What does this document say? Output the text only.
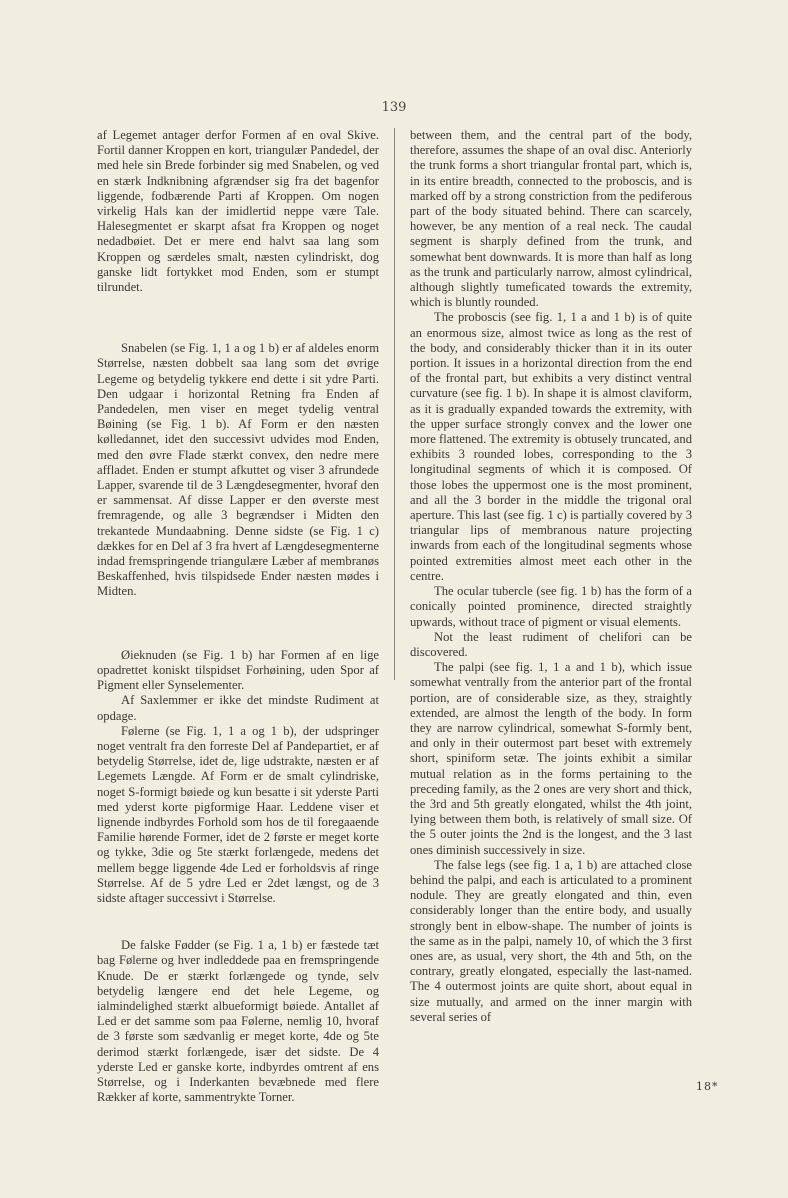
139

af Legemet antager derfor Formen af en oval Skive. Fortil danner Kroppen en kort, triangulær Pandedel, der med hele sin Brede forbinder sig med Snabelen, og ved en stærk Indknibning afgrændser sig fra det bagenfor liggende, fodbærende Parti af Kroppen. Om nogen virkelig Hals kan der imidlertid neppe være Tale. Halesegmentet er skarpt afsat fra Kroppen og noget nedadbøiet. Det er mere end halvt saa lang som Kroppen og særdeles smalt, næsten cylindriskt, dog ganske lidt fortykket mod Enden, som er stumpt tilrundet.

Snabelen (se Fig. 1, 1 a og 1 b) er af aldeles enorm Størrelse, næsten dobbelt saa lang som det øvrige Legeme og betydelig tykkere end dette i sit ydre Parti. Den udgaar i horizontal Retning fra Enden af Pandedelen, men viser en meget tydelig ventral Bøining (se Fig. 1 b). Af Form er den næsten kølledannet, idet den successivt udvides mod Enden, med den øvre Flade stærkt convex, den nedre mere affladet. Enden er stumpt afkuttet og viser 3 afrundede Lapper, svarende til de 3 Længdesegmenter, hvoraf den er sammensat. Af disse Lapper er den øverste mest fremragende, og alle 3 begrændser i Midten den trekantede Mundaabning. Denne sidste (se Fig. 1 c) dækkes for en Del af 3 fra hvert af Længdesegmenterne indad fremspringende triangulære Læber af membranøs Beskaffenhed, hvis tilspidsede Ender næsten mødes i Midten.

Øieknuden (se Fig. 1 b) har Formen af en lige opadrettet koniskt tilspidset Forhøining, uden Spor af Pigment eller Synselementer.

Af Saxlemmer er ikke det mindste Rudiment at opdage.

Følerne (se Fig. 1, 1 a og 1 b), der udspringer noget ventralt fra den forreste Del af Pandepartiet, er af betydelig Størrelse, idet de, lige udstrakte, næsten er af Legemets Længde. Af Form er de smalt cylindriske, noget S-formigt bøiede og kun besatte i sit yderste Parti med yderst korte pigformige Haar. Leddene viser et lignende indbyrdes Forhold som hos de til foregaaende Familie hørende Former, idet de 2 første er meget korte og tykke, 3die og 5te stærkt forlængede, medens det mellem begge liggende 4de Led er forholdsvis af ringe Størrelse. Af de 5 ydre Led er 2det længst, og de 3 sidste aftager successivt i Størrelse.

De falske Fødder (se Fig. 1 a, 1 b) er fæstede tæt bag Følerne og hver indleddede paa en fremspringende Knude. De er stærkt forlængede og tynde, selv betydelig længere end det hele Legeme, og ialmindelighed stærkt albueformigt bøiede. Antallet af Led er det samme som paa Følerne, nemlig 10, hvoraf de 3 første som sædvanlig er meget korte, 4de og 5te derimod stærkt forlængede, især det sidste. De 4 yderste Led er ganske korte, indbyrdes omtrent af ens Størrelse, og i Inderkanten bevæbnede med flere Rækker af korte, sammentrykte Torner.

between them, and the central part of the body, therefore, assumes the shape of an oval disc. Anteriorly the trunk forms a short triangular frontal part, which is, in its entire breadth, connected to the proboscis, and is marked off by a strong constriction from the pediferous part of the body situated behind. There can scarcely, however, be any mention of a real neck. The caudal segment is sharply defined from the trunk, and somewhat bent downwards. It is more than half as long as the trunk and particularly narrow, almost cylindrical, although slightly tumeficated towards the extremity, which is bluntly rounded.

The proboscis (see fig. 1, 1 a and 1 b) is of quite an enormous size, almost twice as long as the rest of the body, and considerably thicker than it in its outer portion. It issues in a horizontal direction from the end of the frontal part, but exhibits a very distinct ventral curvature (see fig. 1 b). In shape it is almost claviform, as it is gradually expanded towards the extremity, with the upper surface strongly convex and the lower one more flattened. The extremity is obtusely truncated, and exhibits 3 rounded lobes, corresponding to the 3 longitudinal segments of which it is composed. Of those lobes the uppermost one is the most prominent, and all the 3 border in the middle the trigonal oral aperture. This last (see fig. 1 c) is partially covered by 3 triangular lips of membranous nature projecting inwards from each of the longitudinal segments whose pointed extremities almost meet each other in the centre.

The ocular tubercle (see fig. 1 b) has the form of a conically pointed prominence, directed straightly upwards, without trace of pigment or visual elements.

Not the least rudiment of chelifori can be discovered.

The palpi (see fig. 1, 1 a and 1 b), which issue somewhat ventrally from the anterior part of the frontal portion, are of considerable size, as they, straightly extended, are almost the length of the body. In form they are narrow cylindrical, somewhat S-formly bent, and only in their outermost part beset with extremely short, spiniform setæ. The joints exhibit a similar mutual relation as in the forms pertaining to the preceding family, as the 2 ones are very short and thick, the 3rd and 5th greatly elongated, whilst the 4th joint, lying between them both, is relatively of small size. Of the 5 outer joints the 2nd is the longest, and the 3 last ones diminish successively in size.

The false legs (see fig. 1 a, 1 b) are attached close behind the palpi, and each is articulated to a prominent nodule. They are greatly elongated and thin, even considerably longer than the entire body, and usually strongly bent in elbow-shape. The number of joints is the same as in the palpi, namely 10, of which the 3 first ones are, as usual, very short, the 4th and 5th, on the contrary, greatly elongated, especially the last-named. The 4 outermost joints are quite short, about equal in size mutually, and armed on the inner margin with several series of

18*
